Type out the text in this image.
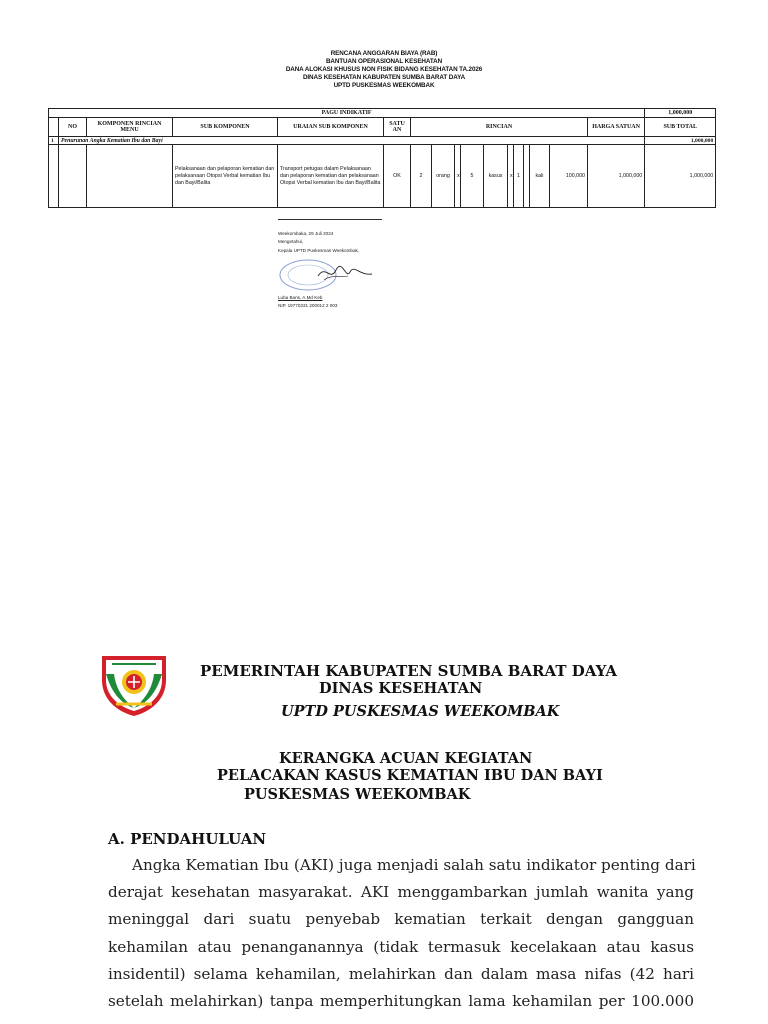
RENCANA ANGGARAN BIAYA (RAB)
BANTUAN OPERASIONAL KESEHATAN
DANA ALOKASI KHUSUS NON FISIK BIDANG KESEHATAN TA.2026
DINAS KESEHATAN KABUPATEN SUMBA BARAT DAYA
UPTD PUSKESMAS WEEKOMBAK
PAGU INDIKATIF																	1,000,000	
	NO	KOMPONEN RINCIAN MENU	SUB KOMPONEN	URAIAN SUB KOMPONEN	SATU AN	RINCIAN										HARGA SATUAN	SUB TOTAL	
1	Penurunan Angka Kematian Ibu dan Bayi																1,000,000	
			Pelaksanaan dan pelaporan kematian dan pelaksanaan Otopsi Verbal kematian Ibu dan Bayi/Balita	Transport petugas dalam Pelaksanaan dan pelaporan kematian dan pelaksanaan Otopsi Verbal kematian Ibu dan Bayi/Balita	OK	2	orang	x	5	kasus	x	1		kali	100,000	1,000,000	1,000,000	
Weekombaka, 29 Juli 2024
Mengetahui,
Kepala UPTD Puskesmas Weekombak,
Luba Bans, A.Md Keb
NIP. 19770331 200012 2 003
PEMERINTAH KABUPATEN SUMBA BARAT DAYA
DINAS KESEHATAN
UPTD PUSKESMAS WEEKOMBAK
KERANGKA ACUAN KEGIATAN
PELACAKAN KASUS KEMATIAN IBU DAN BAYI
PUSKESMAS WEEKOMBAK
A. PENDAHULUAN
Angka Kematian Ibu (AKI) juga menjadi salah satu indikator penting dari
derajat kesehatan masyarakat. AKI menggambarkan jumlah wanita yang
meninggal dari suatu penyebab kematian terkait dengan gangguan
kehamilan atau penanganannya (tidak termasuk kecelakaan atau kasus
insidentil) selama kehamilan, melahirkan dan dalam masa nifas (42 hari
setelah melahirkan) tanpa memperhitungkan lama kehamilan per 100.000
